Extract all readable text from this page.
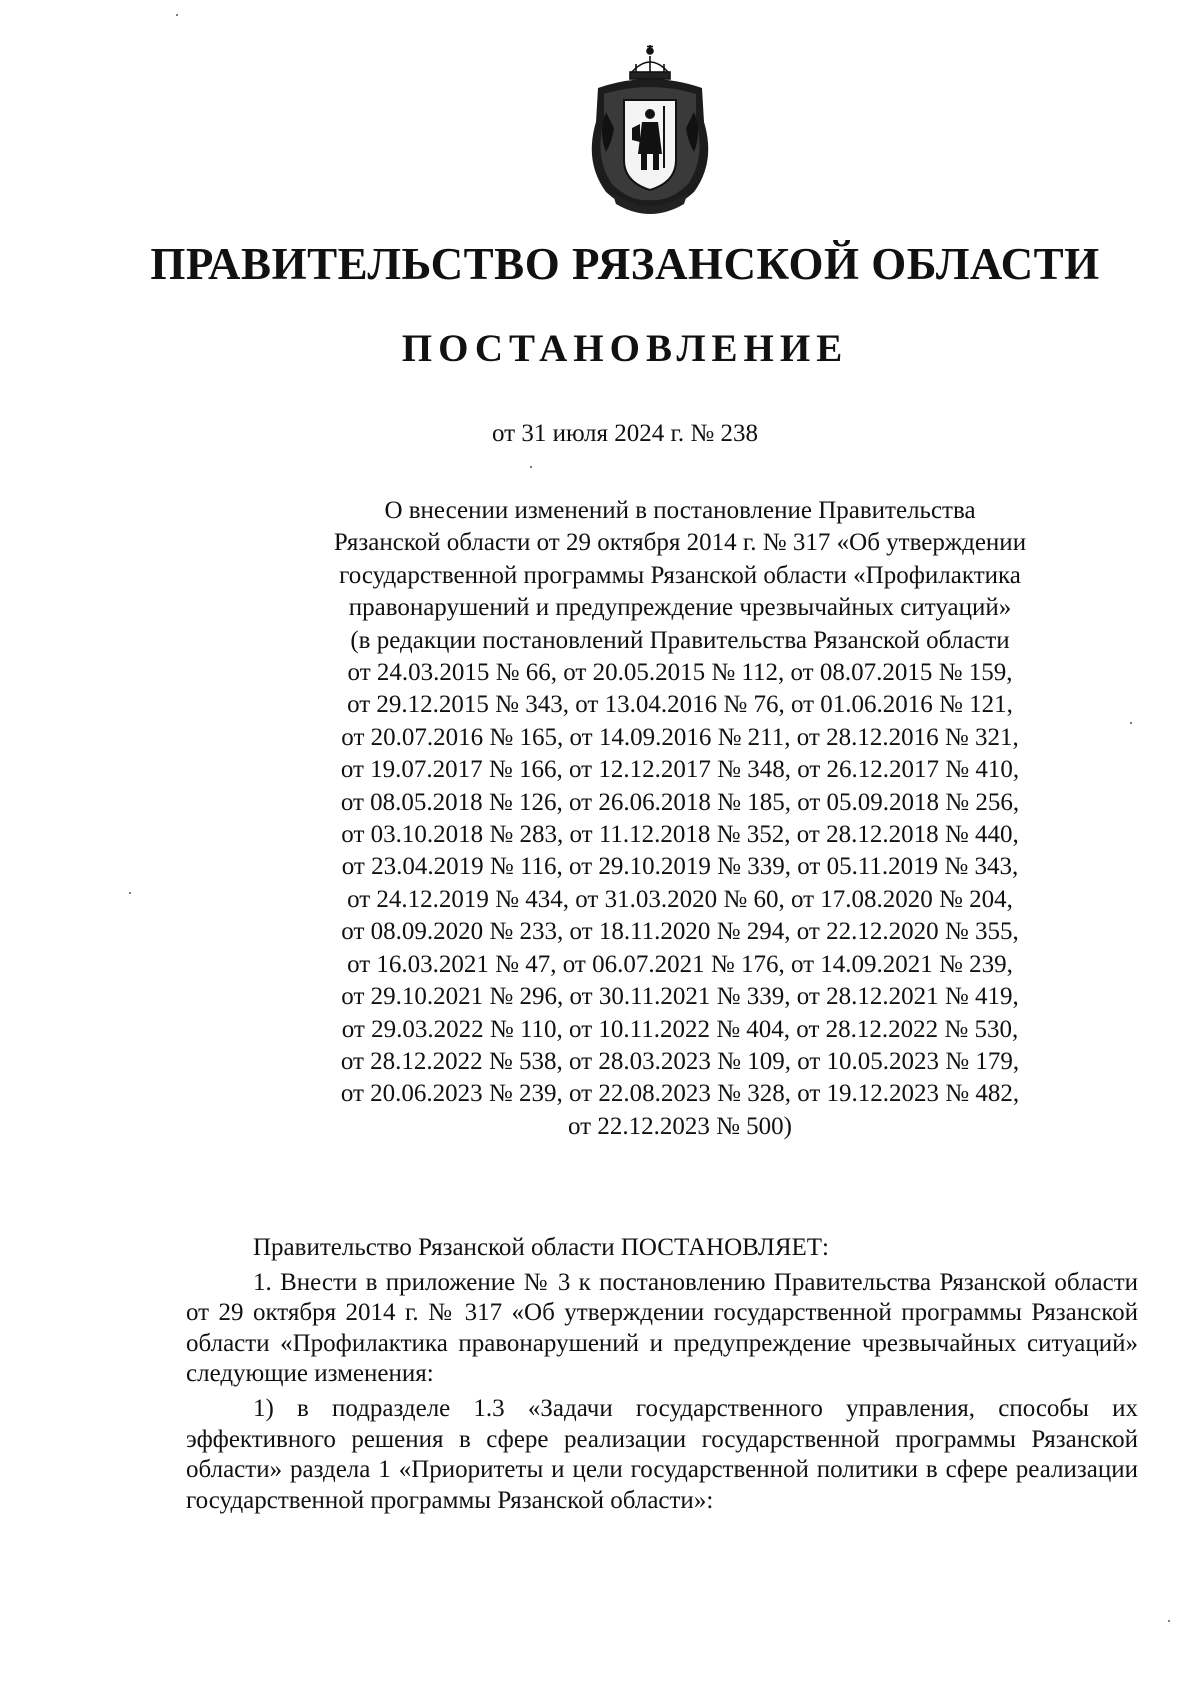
ПРАВИТЕЛЬСТВО РЯЗАНСКОЙ ОБЛАСТИ
ПОСТАНОВЛЕНИЕ
от 31 июля 2024 г. № 238
О внесении изменений в постановление Правительства
Рязанской области от 29 октября 2014 г. № 317 «Об утверждении
государственной программы Рязанской области «Профилактика
правонарушений и предупреждение чрезвычайных ситуаций»
(в редакции постановлений Правительства Рязанской области
от 24.03.2015 № 66, от 20.05.2015 № 112, от 08.07.2015 № 159,
от 29.12.2015 № 343, от 13.04.2016 № 76, от 01.06.2016 № 121,
от 20.07.2016 № 165, от 14.09.2016 № 211, от 28.12.2016 № 321,
от 19.07.2017 № 166, от 12.12.2017 № 348, от 26.12.2017 № 410,
от 08.05.2018 № 126, от 26.06.2018 № 185, от 05.09.2018 № 256,
от 03.10.2018 № 283, от 11.12.2018 № 352, от 28.12.2018 № 440,
от 23.04.2019 № 116, от 29.10.2019 № 339, от 05.11.2019 № 343,
от 24.12.2019 № 434, от 31.03.2020 № 60, от 17.08.2020 № 204,
от 08.09.2020 № 233, от 18.11.2020 № 294, от 22.12.2020 № 355,
от 16.03.2021 № 47, от 06.07.2021 № 176, от 14.09.2021 № 239,
от 29.10.2021 № 296, от 30.11.2021 № 339, от 28.12.2021 № 419,
от 29.03.2022 № 110, от 10.11.2022 № 404, от 28.12.2022 № 530,
от 28.12.2022 № 538, от 28.03.2023 № 109, от 10.05.2023 № 179,
от 20.06.2023 № 239, от 22.08.2023 № 328, от 19.12.2023 № 482,
от 22.12.2023 № 500)

Правительство Рязанской области ПОСТАНОВЛЯЕТ:

1. Внести в приложение № 3 к постановлению Правительства Рязанской области от 29 октября 2014 г. № 317 «Об утверждении государственной программы Рязанской области «Профилактика правонарушений и предупреждение чрезвычайных ситуаций» следующие изменения:

1) в подразделе 1.3 «Задачи государственного управления, способы их эффективного решения в сфере реализации государственной программы Рязанской области» раздела 1 «Приоритеты и цели государственной политики в сфере реализации государственной программы Рязанской области»:
